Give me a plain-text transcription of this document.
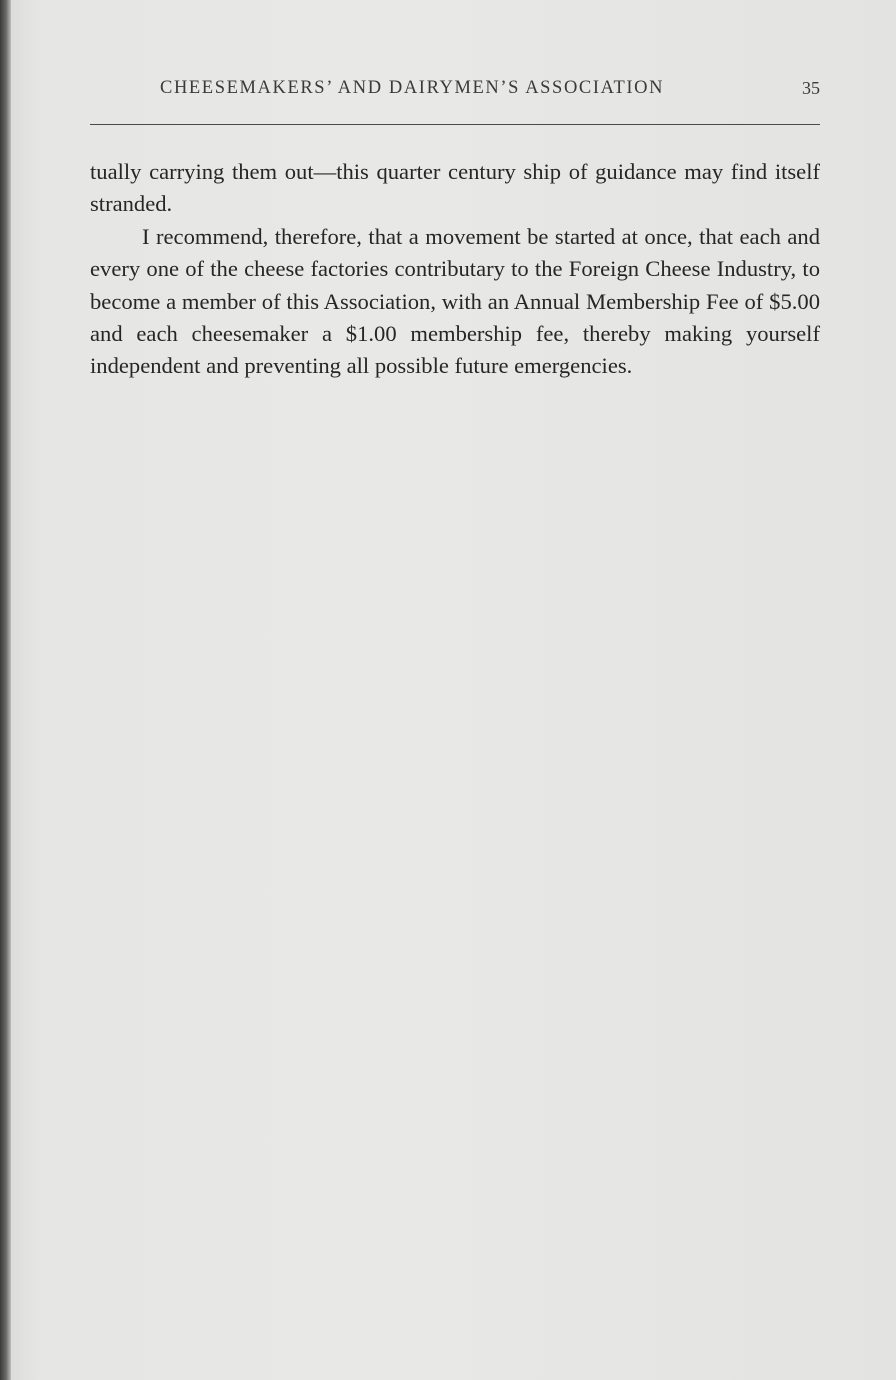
CHEESEMAKERS’ AND DAIRYMEN’S ASSOCIATION	35

tually carrying them out—this quarter century ship of guidance may find itself stranded.

I recommend, therefore, that a movement be started at once, that each and every one of the cheese factories contributary to the Foreign Cheese Industry, to become a member of this Association, with an Annual Membership Fee of $5.00 and each cheesemaker a $1.00 membership fee, thereby making yourself independent and preventing all possible future emergencies.
